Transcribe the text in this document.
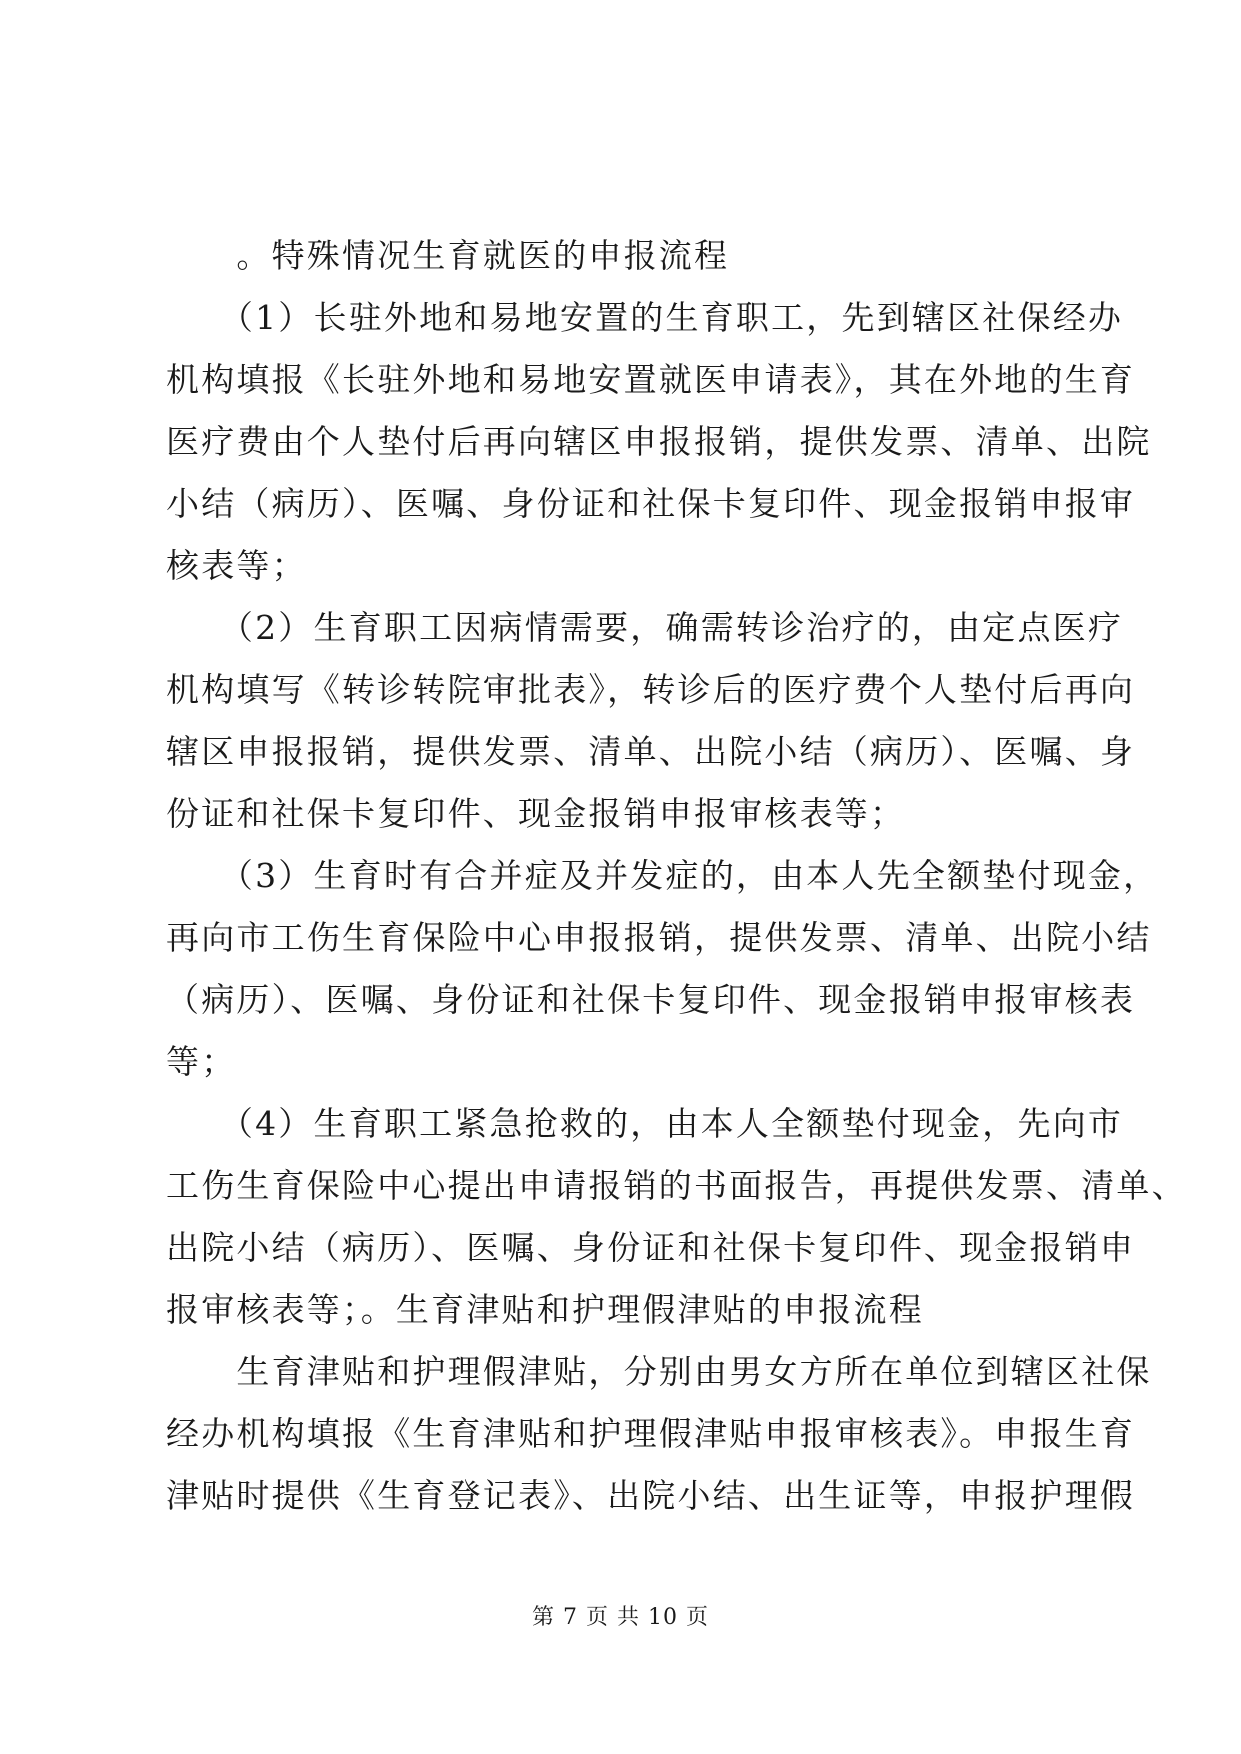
　　。特殊情况生育就医的申报流程
　　（1）长驻外地和易地安置的生育职工，先到辖区社保经办
机构填报《长驻外地和易地安置就医申请表》，其在外地的生育
医疗费由个人垫付后再向辖区申报报销，提供发票、清单、出院
小结（病历）、医嘱、身份证和社保卡复印件、现金报销申报审
核表等；
　　（2）生育职工因病情需要，确需转诊治疗的，由定点医疗
机构填写《转诊转院审批表》，转诊后的医疗费个人垫付后再向
辖区申报报销，提供发票、清单、出院小结（病历）、医嘱、身
份证和社保卡复印件、现金报销申报审核表等；
　　（3）生育时有合并症及并发症的，由本人先全额垫付现金，
再向市工伤生育保险中心申报报销，提供发票、清单、出院小结
（病历）、医嘱、身份证和社保卡复印件、现金报销申报审核表
等；
　　（4）生育职工紧急抢救的，由本人全额垫付现金，先向市
工伤生育保险中心提出申请报销的书面报告，再提供发票、清单、
出院小结（病历）、医嘱、身份证和社保卡复印件、现金报销申
报审核表等；。生育津贴和护理假津贴的申报流程
　　生育津贴和护理假津贴，分别由男女方所在单位到辖区社保
经办机构填报《生育津贴和护理假津贴申报审核表》。申报生育
津贴时提供《生育登记表》、出院小结、出生证等，申报护理假
第 7 页 共 10 页
